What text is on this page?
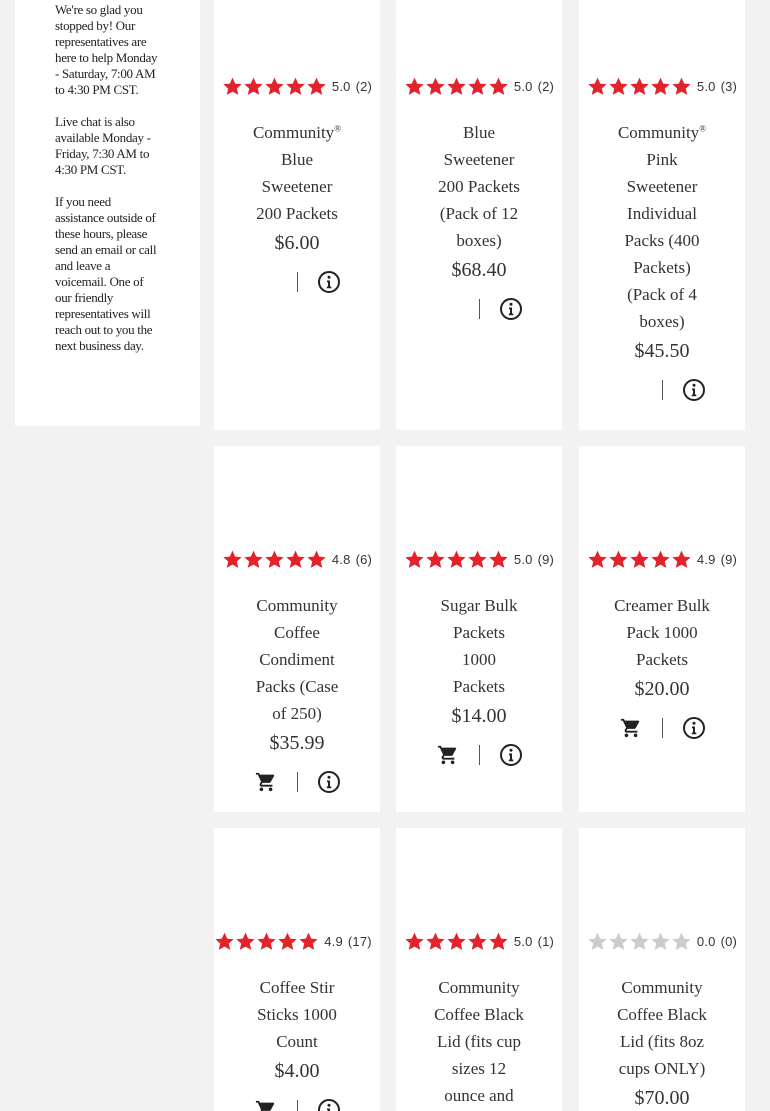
We're so glad you stopped by! Our representatives are here to help Monday - Saturday, 7:00 AM to 4:30 PM CST.

Live chat is also available Monday - Friday, 7:30 AM to 4:30 PM CST.

If you need assistance outside of these hours, please send an email or call and leave a voicemail. One of our friendly representatives will reach out to you the next business day.

5.0 (2)
Community® Blue Sweetener 200 Packets
$6.00
5.0 (2)
Blue Sweetener 200 Packets (Pack of 12 boxes)
$68.40
5.0 (3)
Community® Pink Sweetener Individual Packs (400 Packets) (Pack of 4 boxes)
$45.50
4.8 (6)
Community Coffee Condiment Packs (Case of 250)
$35.99
5.0 (9)
Sugar Bulk Packets 1000 Packets
$14.00
4.9 (9)
Creamer Bulk Pack 1000 Packets
$20.00
4.9 (17)
Coffee Stir Sticks 1000 Count
$4.00
5.0 (1)
Community Coffee Black Lid (fits cup sizes 12 ounce and
0.0 (0)
Community Coffee Black Lid (fits 8oz cups ONLY)
$70.00
